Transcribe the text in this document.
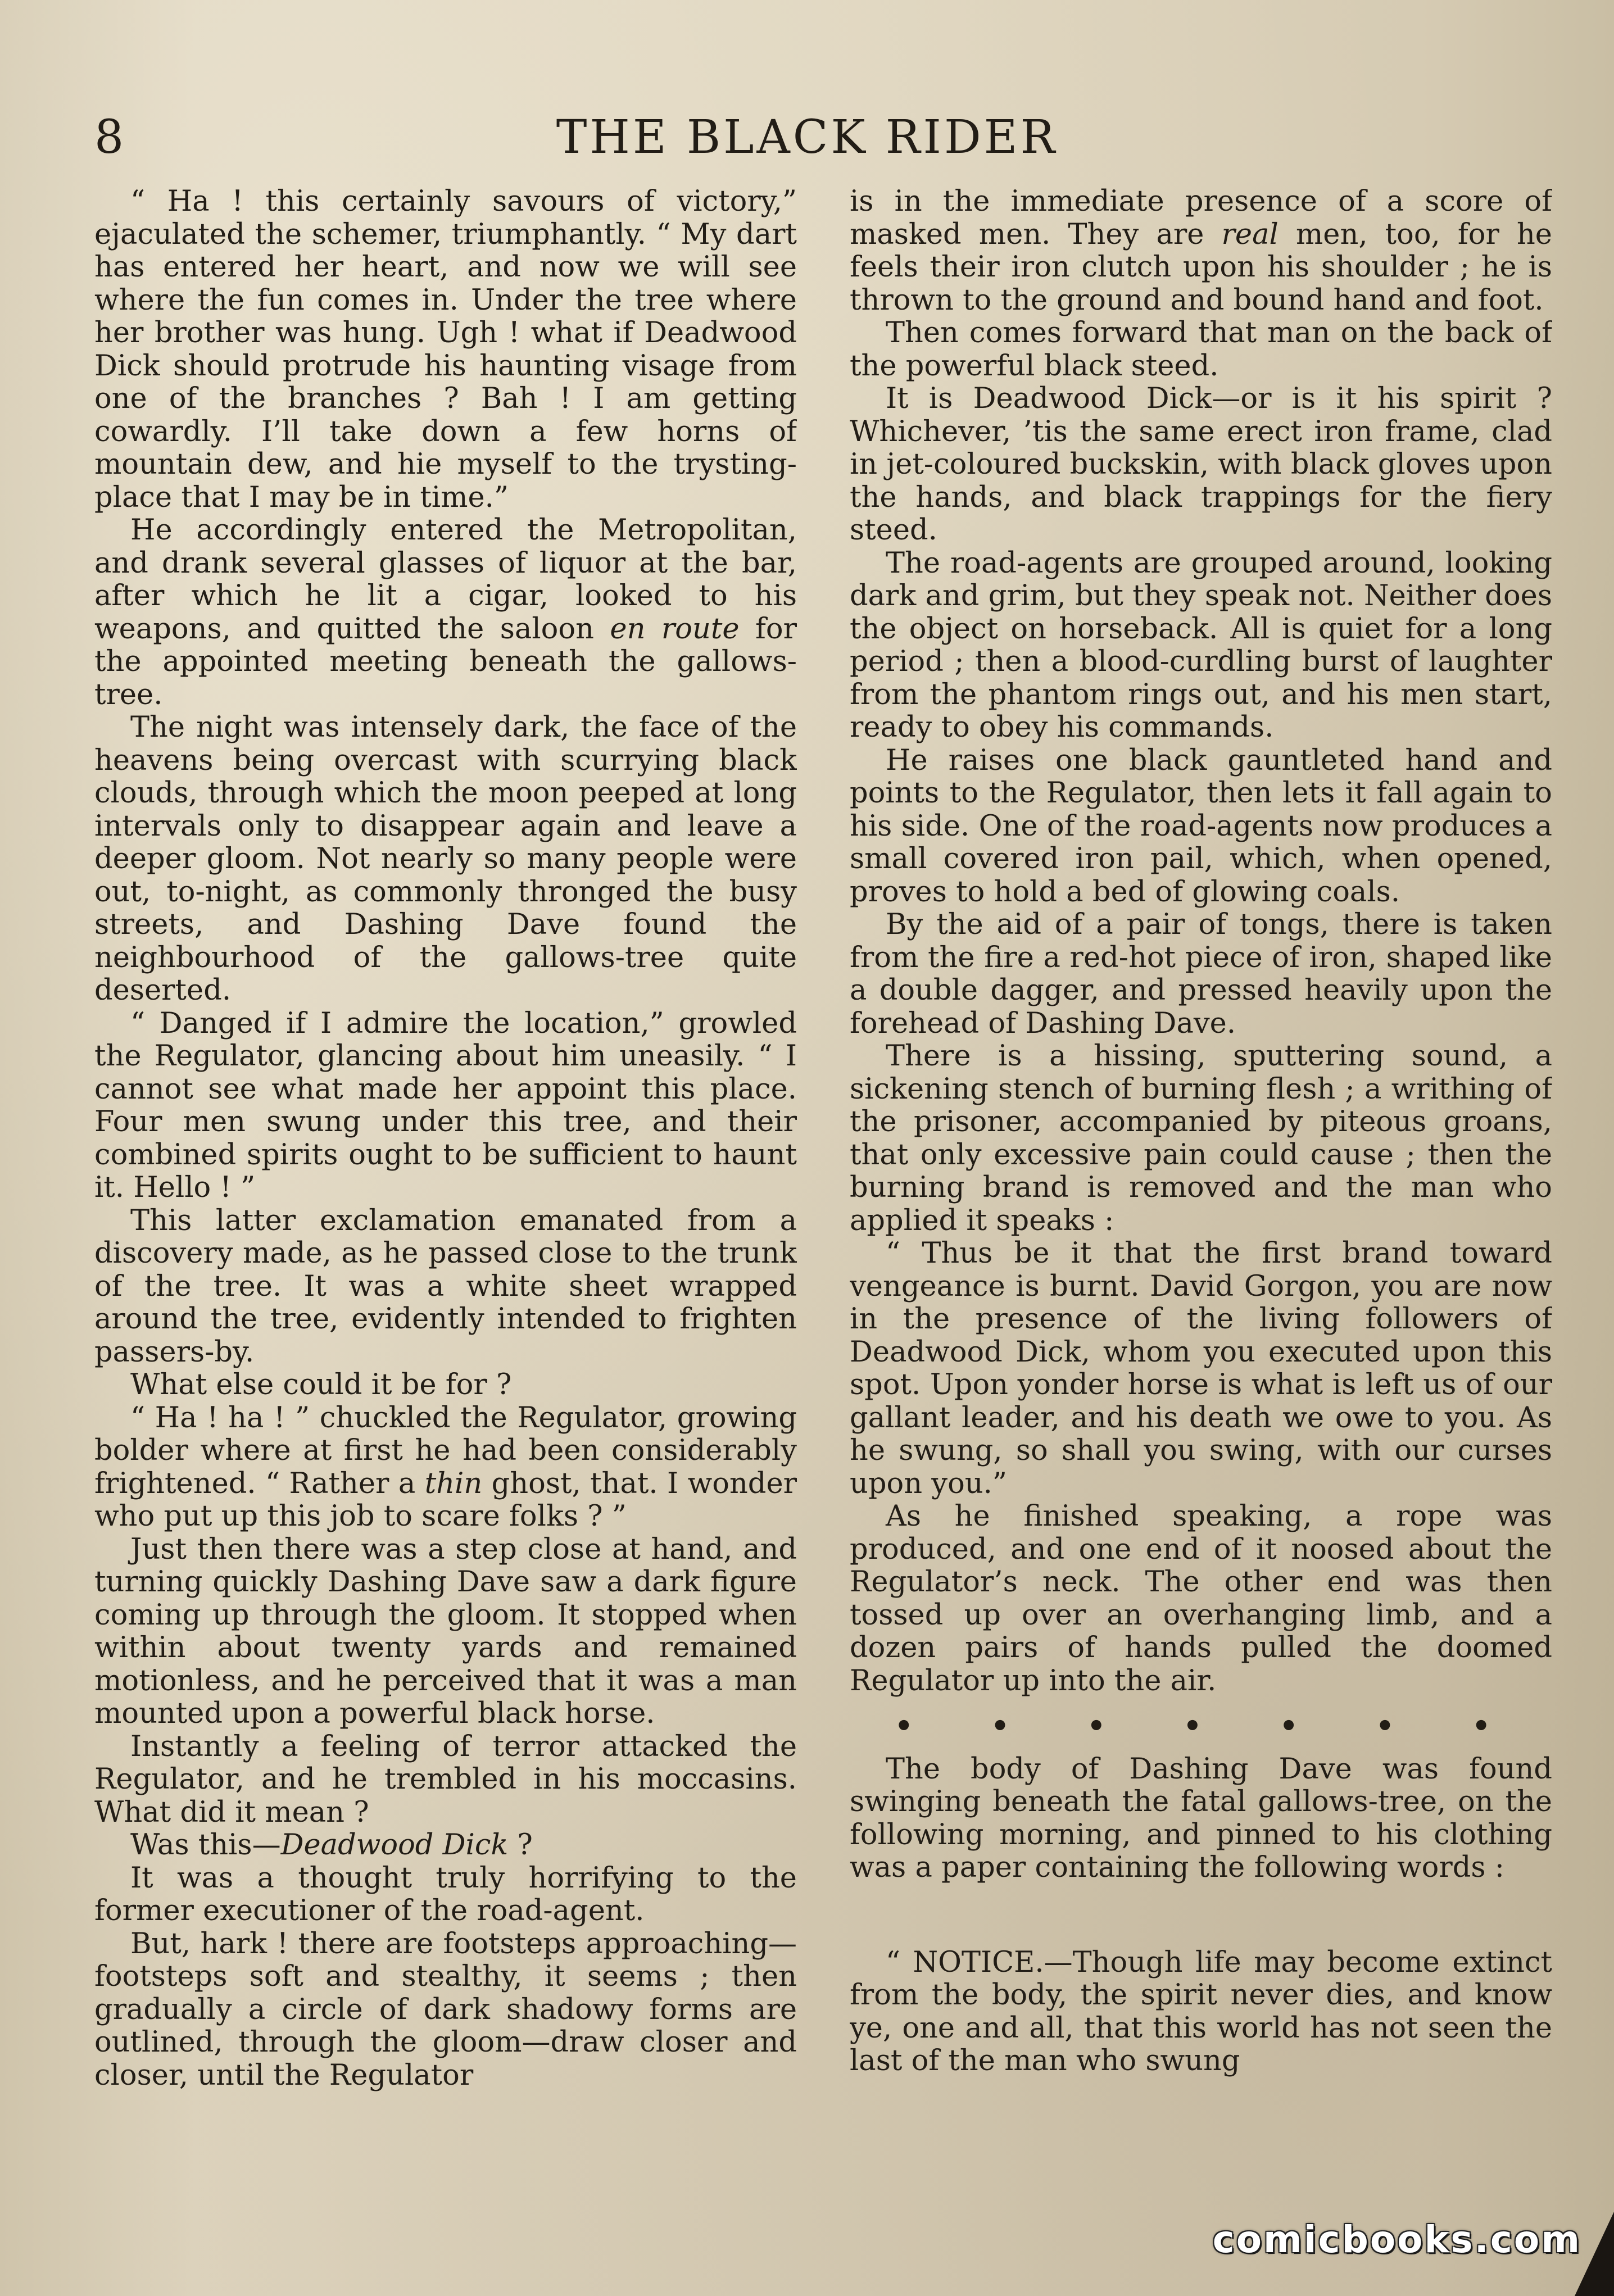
8	THE BLACK RIDER

“ Ha ! this certainly savours of victory,” ejaculated the schemer, triumphantly. “ My dart has entered her heart, and now we will see where the fun comes in. Under the tree where her brother was hung. Ugh ! what if Deadwood Dick should protrude his haunting visage from one of the branches ? Bah ! I am getting cowardly. I’ll take down a few horns of mountain dew, and hie myself to the trysting-place that I may be in time.”

He accordingly entered the Metropolitan, and drank several glasses of liquor at the bar, after which he lit a cigar, looked to his weapons, and quitted the saloon en route for the appointed meeting beneath the gallows-tree.

The night was intensely dark, the face of the heavens being overcast with scurrying black clouds, through which the moon peeped at long intervals only to disappear again and leave a deeper gloom. Not nearly so many people were out, to-night, as commonly thronged the busy streets, and Dashing Dave found the neighbourhood of the gallows-tree quite deserted.

“ Danged if I admire the location,” growled the Regulator, glancing about him uneasily. “ I cannot see what made her appoint this place. Four men swung under this tree, and their combined spirits ought to be sufficient to haunt it. Hello ! ”

This latter exclamation emanated from a discovery made, as he passed close to the trunk of the tree. It was a white sheet wrapped around the tree, evidently intended to frighten passers-by.

What else could it be for ?

“ Ha ! ha ! ” chuckled the Regulator, growing bolder where at first he had been considerably frightened. “ Rather a thin ghost, that. I wonder who put up this job to scare folks ? ”

Just then there was a step close at hand, and turning quickly Dashing Dave saw a dark figure coming up through the gloom. It stopped when within about twenty yards and remained motionless, and he perceived that it was a man mounted upon a powerful black horse.

Instantly a feeling of terror attacked the Regulator, and he trembled in his moccasins. What did it mean ?

Was this—Deadwood Dick ?

It was a thought truly horrifying to the former executioner of the road-agent.

But, hark ! there are footsteps approaching—footsteps soft and stealthy, it seems ; then gradually a circle of dark shadowy forms are outlined, through the gloom—draw closer and closer, until the Regulator

is in the immediate presence of a score of masked men. They are real men, too, for he feels their iron clutch upon his shoulder ; he is thrown to the ground and bound hand and foot.

Then comes forward that man on the back of the powerful black steed.

It is Deadwood Dick—or is it his spirit ? Whichever, ’tis the same erect iron frame, clad in jet-coloured buckskin, with black gloves upon the hands, and black trappings for the fiery steed.

The road-agents are grouped around, looking dark and grim, but they speak not. Neither does the object on horseback. All is quiet for a long period ; then a blood-curdling burst of laughter from the phantom rings out, and his men start, ready to obey his commands.

He raises one black gauntleted hand and points to the Regulator, then lets it fall again to his side. One of the road-agents now produces a small covered iron pail, which, when opened, proves to hold a bed of glowing coals.

By the aid of a pair of tongs, there is taken from the fire a red-hot piece of iron, shaped like a double dagger, and pressed heavily upon the forehead of Dashing Dave.

There is a hissing, sputtering sound, a sickening stench of burning flesh ; a writhing of the prisoner, accompanied by piteous groans, that only excessive pain could cause ; then the burning brand is removed and the man who applied it speaks :

“ Thus be it that the first brand toward vengeance is burnt. David Gorgon, you are now in the presence of the living followers of Deadwood Dick, whom you executed upon this spot. Upon yonder horse is what is left us of our gallant leader, and his death we owe to you. As he swung, so shall you swing, with our curses upon you.”

As he finished speaking, a rope was produced, and one end of it noosed about the Regulator’s neck. The other end was then tossed up over an overhanging limb, and a dozen pairs of hands pulled the doomed Regulator up into the air.

•	•	•	•	•	•	•

The body of Dashing Dave was found swinging beneath the fatal gallows-tree, on the following morning, and pinned to his clothing was a paper containing the following words :

“ NOTICE.—Though life may become extinct from the body, the spirit never dies, and know ye, one and all, that this world has not seen the last of the man who swung

comicbooks.com
